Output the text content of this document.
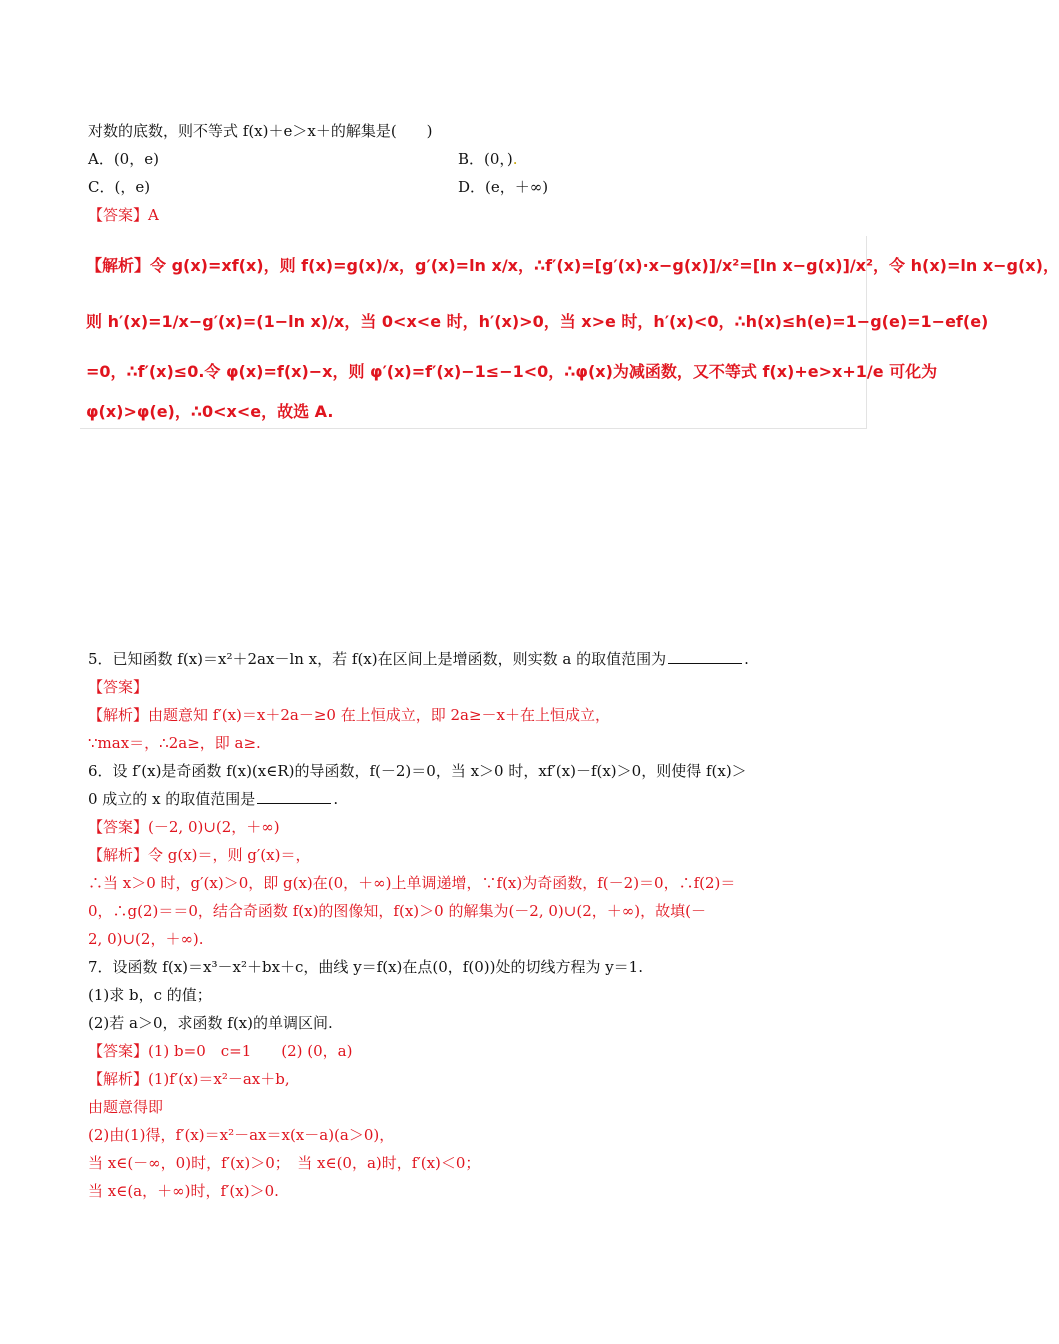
对数的底数，则不等式 f(x)＋e＞x＋的解集是(　　)
A．(0，e)	B．(0，).
C．(，e)	D．(e，＋∞)
【答案】A
【解析】令 g(x)=xf(x)，则 f(x)=g(x)/x，g′(x)=ln x/x，∴f′(x)=[g′(x)·x−g(x)]/x²=[ln x−g(x)]/x²，令 h(x)=ln x−g(x)，
则 h′(x)=1/x−g′(x)=(1−ln x)/x，当 0<x<e 时，h′(x)>0，当 x>e 时，h′(x)<0，∴h(x)≤h(e)=1−g(e)=1−ef(e)
=0，∴f′(x)≤0.令 φ(x)=f(x)−x，则 φ′(x)=f′(x)−1≤−1<0，∴φ(x)为减函数，又不等式 f(x)+e>x+1/e 可化为
φ(x)>φ(e)，∴0<x<e，故选 A.
5．已知函数 f(x)＝x²＋2ax－ln x，若 f(x)在区间上是增函数，则实数 a 的取值范围为	.
【答案】
【解析】由题意知 f′(x)＝x＋2a－≥0 在上恒成立，即 2a≥－x＋在上恒成立，
∵max＝，∴2a≥，即 a≥.
6．设 f′(x)是奇函数 f(x)(x∈R)的导函数，f(－2)＝0，当 x＞0 时，xf′(x)－f(x)＞0，则使得 f(x)＞
0 成立的 x 的取值范围是	.
【答案】(－2, 0)∪(2，＋∞)
【解析】令 g(x)＝，则 g′(x)＝，
∴当 x＞0 时，g′(x)＞0，即 g(x)在(0，＋∞)上单调递增，∵f(x)为奇函数，f(－2)＝0，∴f(2)＝
0，∴g(2)＝＝0，结合奇函数 f(x)的图像知，f(x)＞0 的解集为(－2, 0)∪(2，＋∞)，故填(－
2, 0)∪(2，＋∞).
7．设函数 f(x)＝x³－x²＋bx＋c，曲线 y＝f(x)在点(0，f(0))处的切线方程为 y＝1.
(1)求 b，c 的值；
(2)若 a＞0，求函数 f(x)的单调区间.
【答案】(1) b=0　c=1　　(2) (0，a)
【解析】(1)f′(x)＝x²－ax＋b,
由题意得即
(2)由(1)得，f′(x)＝x²－ax＝x(x－a)(a＞0)，
当 x∈(－∞，0)时，f′(x)＞0；　当 x∈(0，a)时，f′(x)＜0；
当 x∈(a，＋∞)时，f′(x)＞0.
